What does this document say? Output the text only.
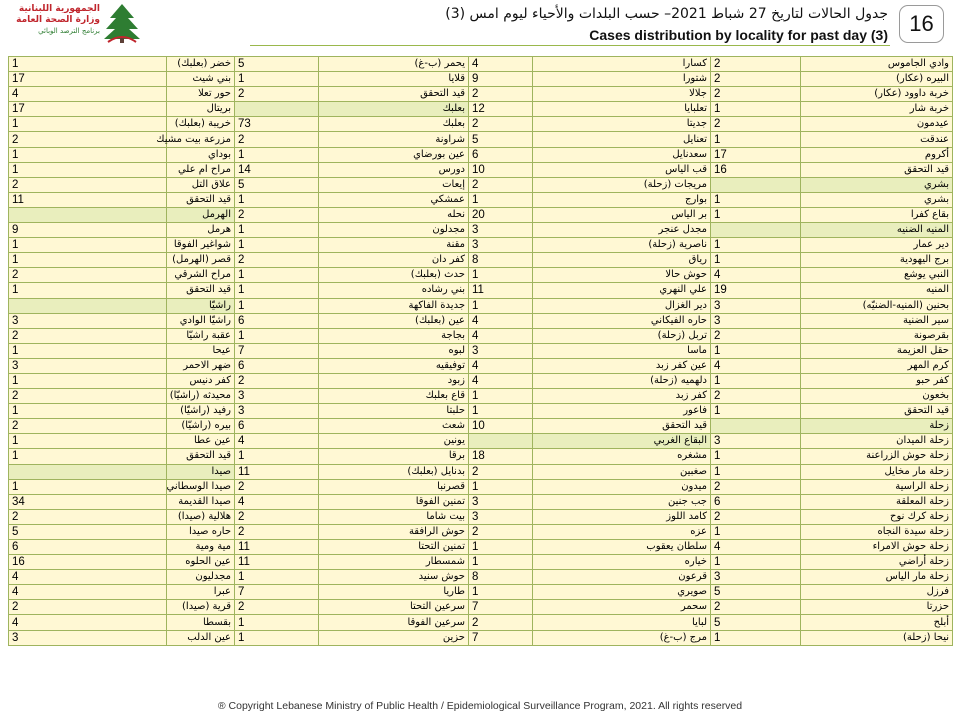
الجمهورية اللبنانية
وزارة الصحة العامة
برنامج الترصد الوبائي
جدول الحالات لتاريخ 27 شباط 2021– حسب البلدات والأحياء ليوم امس (3)
Cases distribution by locality for past day (3) 16
1	خضر (بعلبك)	5	يحمر (ب-غ)	4	كسارا	2	وادي الجاموس
17	بني شيث	1	قلايا	9	شتورا	2	البيره (عكار)
4	حور تعلا	2	قيد التحقق	2	جلالا	2	خربة داوود (عكار)
17	بريتال		بعلبك	12	تعلبايا	1	خربة شار
1	خريبة (بعلبك)	73	بعلبك	2	جديتا	2	عيدمون
2	مزرعة بيت مشيك	2	شراونة	5	تعنايل	1	عندقت
1	بوداي	1	عين بورضاي	6	سعدنايل	17	أكروم
1	مراح ام علي	14	دورس	10	قب الياس	16	قيد التحقق
2	علاق التل	5	إيعات	2	مريجات (زحلة)		بشري
11	قيد التحقق	1	عمشكي	1	بوارج	1	بشري
	الهرمل	2	نحله	20	بر الياس	1	بقاع كفرا
9	هرمل	1	مجدلون	3	مجدل عنجر		المنيه الضنيه
1	شواغير الفوقا	1	مقنة	3	ناصرية (زحلة)	1	دير عمار
1	قصر (الهرمل)	2	كفر دان	8	رياق	1	برج اليهودية
2	مراح الشرقي	1	حدث (بعلبك)	1	حوش حالا	4	النبي يوشع
1	قيد التحقق	1	بني رشاده	11	علي النهري	19	المنيه
	راشيّا	1	جديدة الفاكهة	1	دير الغزال	3	بحنين (المنيه-الضنيّه)
3	راشيّا الوادي	6	عين (بعلبك)	4	حاره الفيكاني	3	سير الضنية
2	عقبة راشيّا	1	بجاجة	4	تربل (زحلة)	2	بقرصونة
1	عيحا	7	لبوه	3	ماسا	1	حقل العزيمة
3	ضهر الاحمر	6	توفيقيه	4	عين كفر زبد	4	كرم المهر
1	كفر دنيس	2	زبود	4	دلهميه (زحلة)	1	كفر حبو
2	محيدثه (راشيّا)	3	قاع بعلبك	1	كفر زبد	2	بخعون
1	رفيد (راشيّا)	3	حلبتا	1	فاعور	1	قيد التحقق
2	بيره (راشيّا)	6	شعث	10	قيد التحقق		زحلة
1	عين عطا	4	يونين		البقاع الغربي	3	زحلة الميدان
1	قيد التحقق	1	برقا	18	مشغره	1	زحلة حوش الزراعنة
	صيدا	11	بدنايل (بعلبك)	2	صغبين	1	زحلة مار مخايل
1	صيدا الوسطاني	2	قصرنبا	1	ميدون	2	زحلة الراسية
34	صيدا القديمة	4	تمنين الفوقا	3	جب جنين	6	زحلة المعلقة
2	هلالية (صيدا)	2	بيت شاما	3	كامد اللوز	2	زحلة كرك نوح
5	حاره صيدا	2	حوش الرافقة	2	عزه	1	زحلة سيدة النجاه
6	مية ومية	11	تمنين التحتا	1	سلطان يعقوب	4	زحلة حوش الامراء
16	عين الحلوه	11	شمسطار	1	خياره	1	زحلة أراضي
4	مجدليون	1	حوش سنيد	8	قرعون	3	زحلة مار الياس
4	عبرا	7	طاريا	1	صويري	5	فرزل
2	قرية (صيدا)	2	سرعين التحتا	7	سحمر	2	حزرتا
4	بقسطا	1	سرعين الفوقا	2	لبايا	5	أبلح
3	عين الدلب	1	حزين	7	مرج (ب-غ)	1	نيحا (زحلة)
® Copyright Lebanese Ministry of Public Health / Epidemiological Surveillance Program, 2021. All rights reserved
